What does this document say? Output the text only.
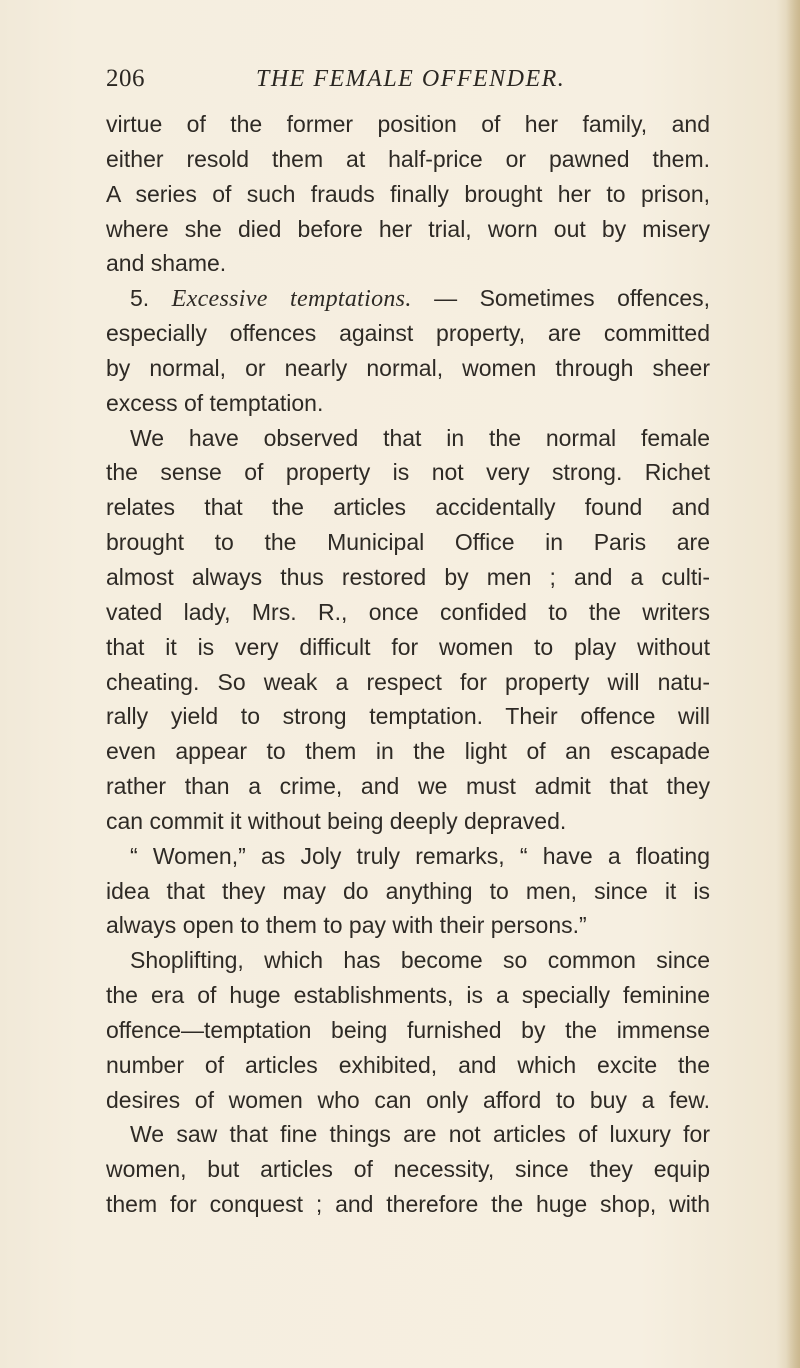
206	THE FEMALE OFFENDER.
virtue of the former position of her family, and
either resold them at half-price or pawned them.
A series of such frauds finally brought her to prison,
where she died before her trial, worn out by misery
and shame.
5. Excessive temptations. — Sometimes offences,
especially offences against property, are committed
by normal, or nearly normal, women through sheer
excess of temptation.
We have observed that in the normal female
the sense of property is not very strong. Richet
relates that the articles accidentally found and
brought to the Municipal Office in Paris are
almost always thus restored by men ; and a culti-
vated lady, Mrs. R., once confided to the writers
that it is very difficult for women to play without
cheating. So weak a respect for property will natu-
rally yield to strong temptation. Their offence will
even appear to them in the light of an escapade
rather than a crime, and we must admit that they
can commit it without being deeply depraved.
“ Women,” as Joly truly remarks, “ have a floating
idea that they may do anything to men, since it is
always open to them to pay with their persons.”
Shoplifting, which has become so common since
the era of huge establishments, is a specially feminine
offence—temptation being furnished by the immense
number of articles exhibited, and which excite the
desires of women who can only afford to buy a few.
We saw that fine things are not articles of luxury for
women, but articles of necessity, since they equip
them for conquest ; and therefore the huge shop, with
